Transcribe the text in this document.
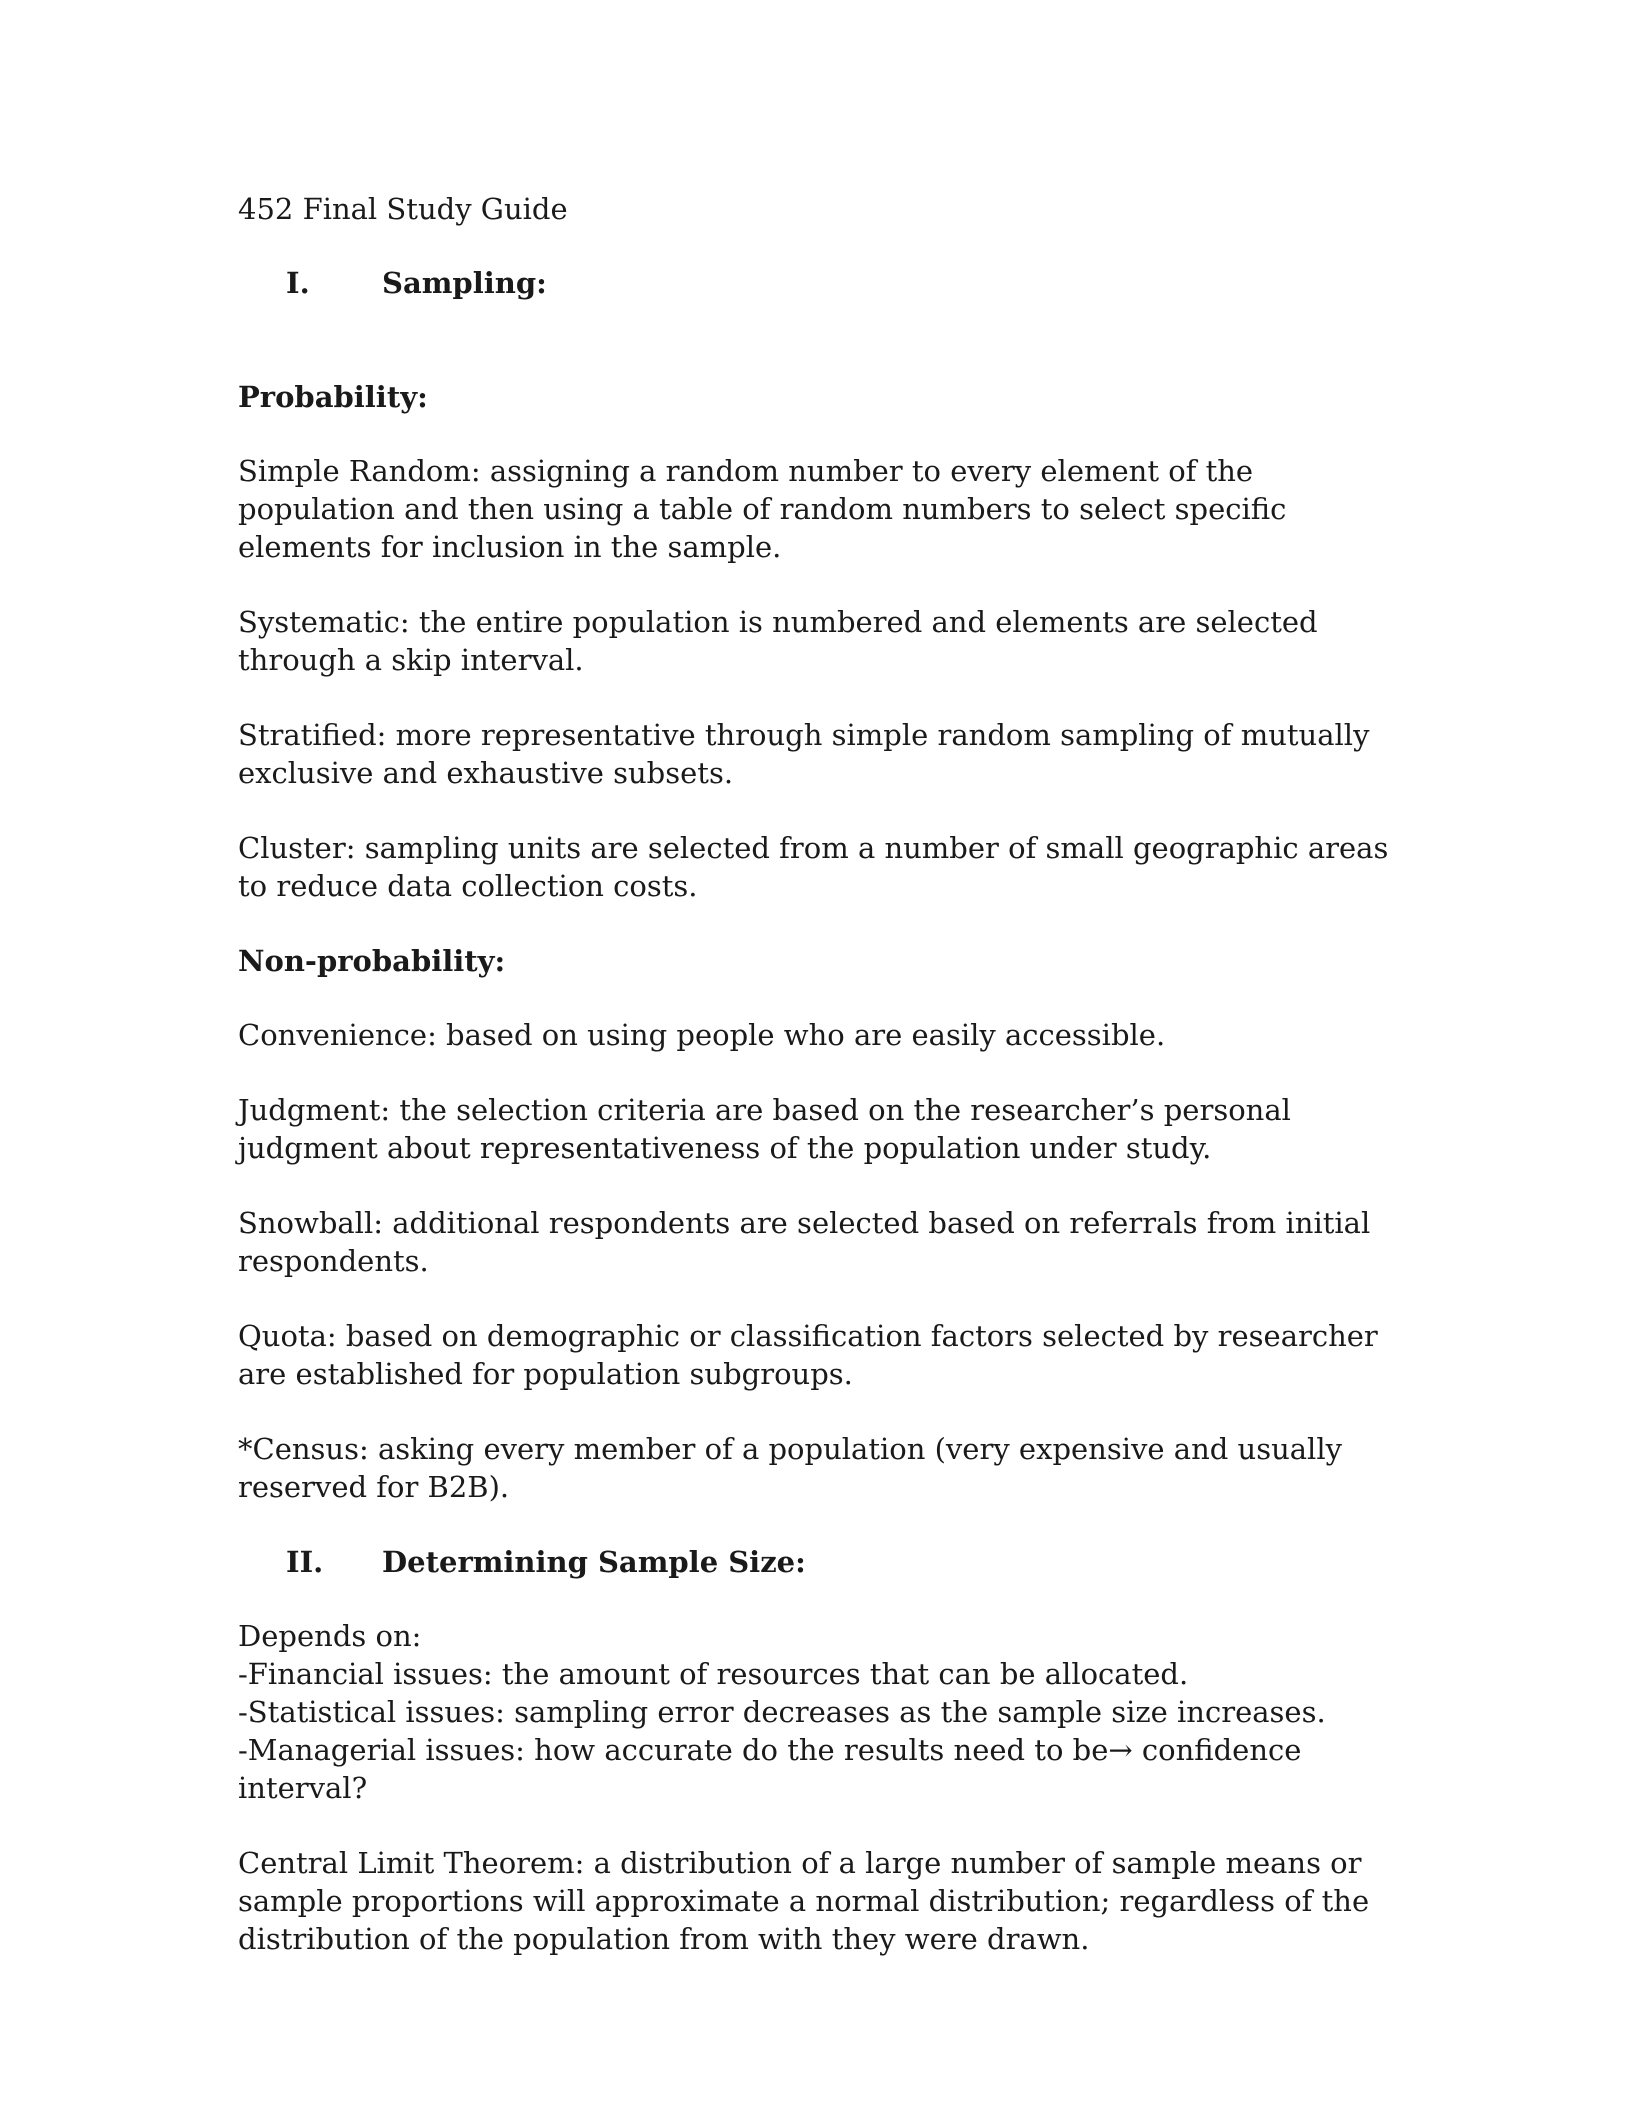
452 Final Study Guide

I.	Sampling:

Probability:

Simple Random: assigning a random number to every element of the population and then using a table of random numbers to select specific elements for inclusion in the sample.

Systematic: the entire population is numbered and elements are selected through a skip interval.

Stratified: more representative through simple random sampling of mutually exclusive and exhaustive subsets.

Cluster: sampling units are selected from a number of small geographic areas to reduce data collection costs.

Non-probability:

Convenience: based on using people who are easily accessible.

Judgment: the selection criteria are based on the researcher’s personal judgment about representativeness of the population under study.

Snowball: additional respondents are selected based on referrals from initial respondents.

Quota: based on demographic or classification factors selected by researcher are established for population subgroups.

*Census: asking every member of a population (very expensive and usually reserved for B2B).

II.	Determining Sample Size:

Depends on:
-Financial issues: the amount of resources that can be allocated.
-Statistical issues: sampling error decreases as the sample size increases.
-Managerial issues: how accurate do the results need to be→ confidence interval?

Central Limit Theorem: a distribution of a large number of sample means or sample proportions will approximate a normal distribution; regardless of the distribution of the population from with they were drawn.
